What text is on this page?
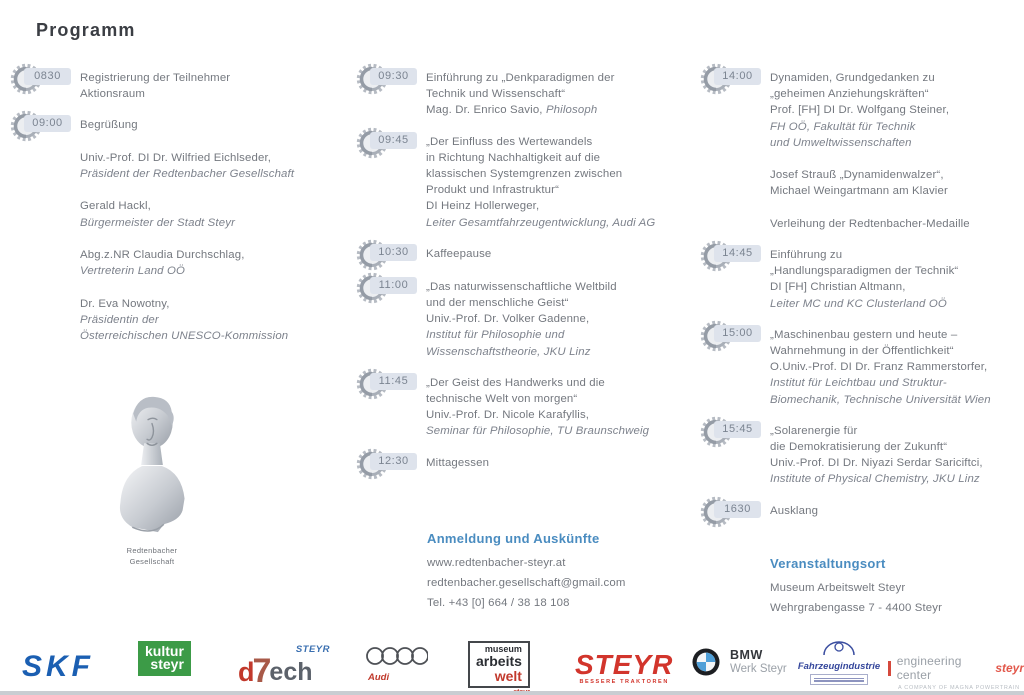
Programm
0830	Registrierung der Teilnehmer
Aktionsraum
09:00	Begrüßung
Univ.-Prof. DI Dr. Wilfried Eichlseder,
Präsident der Redtenbacher Gesellschaft
Gerald Hackl,
Bürgermeister der Stadt Steyr
Abg.z.NR Claudia Durchschlag,
Vertreterin Land OÖ
Dr. Eva Nowotny,
Präsidentin der
Österreichischen UNESCO-Kommission
09:30	Einführung zu „Denkparadigmen der
Technik und Wissenschaft“
Mag. Dr. Enrico Savio, Philosoph
09:45	„Der Einfluss des Wertewandels
in Richtung Nachhaltigkeit auf die
klassischen Systemgrenzen zwischen
Produkt und Infrastruktur“
DI Heinz Hollerweger,
Leiter Gesamtfahrzeugentwicklung, Audi AG
10:30	Kaffeepause
11:00	„Das naturwissenschaftliche Weltbild
und der menschliche Geist“
Univ.-Prof. Dr. Volker Gadenne,
Institut für Philosophie und
Wissenschaftstheorie, JKU Linz
11:45	„Der Geist des Handwerks und die
technische Welt von morgen“
Univ.-Prof. Dr. Nicole Karafyllis,
Seminar für Philosophie, TU Braunschweig
12:30	Mittagessen
14:00	Dynamiden, Grundgedanken zu
„geheimen Anziehungskräften“
Prof. [FH] DI Dr. Wolfgang Steiner,
FH OÖ, Fakultät für Technik
und Umweltwissenschaften
Josef Strauß „Dynamidenwalzer“,
Michael Weingartmann am Klavier
Verleihung der Redtenbacher-Medaille
14:45	Einführung zu
„Handlungsparadigmen der Technik“
DI [FH] Christian Altmann,
Leiter MC und KC Clusterland OÖ
15:00	„Maschinenbau gestern und heute –
Wahrnehmung in der Öffentlichkeit“
O.Univ.-Prof. DI Dr. Franz Rammerstorfer,
Institut für Leichtbau und Struktur-
Biomechanik, Technische Universität Wien
15:45	„Solarenergie für
die Demokratisierung der Zukunft“
Univ.-Prof. DI Dr. Niyazi Serdar Sariciftci,
Institute of Physical Chemistry, JKU Linz
1630	Ausklang
Redtenbacher
Gesellschaft
Anmeldung und Auskünfte
www.redtenbacher-steyr.at
redtenbacher.gesellschaft@gmail.com
Tel. +43 [0] 664 / 38 18 108
Veranstaltungsort
Museum Arbeitswelt Steyr
Wehrgrabengasse 7 - 4400 Steyr
SKF	kultur
steyr
STEYR
d
7
ech	Audi
museum
arbeits
welt STEYR
BESSERE TRAKTOREN
BMW
Werk Steyr Fahrzeugindustrie engineering center	steyr
A COMPANY OF MAGNA POWERTRAIN
